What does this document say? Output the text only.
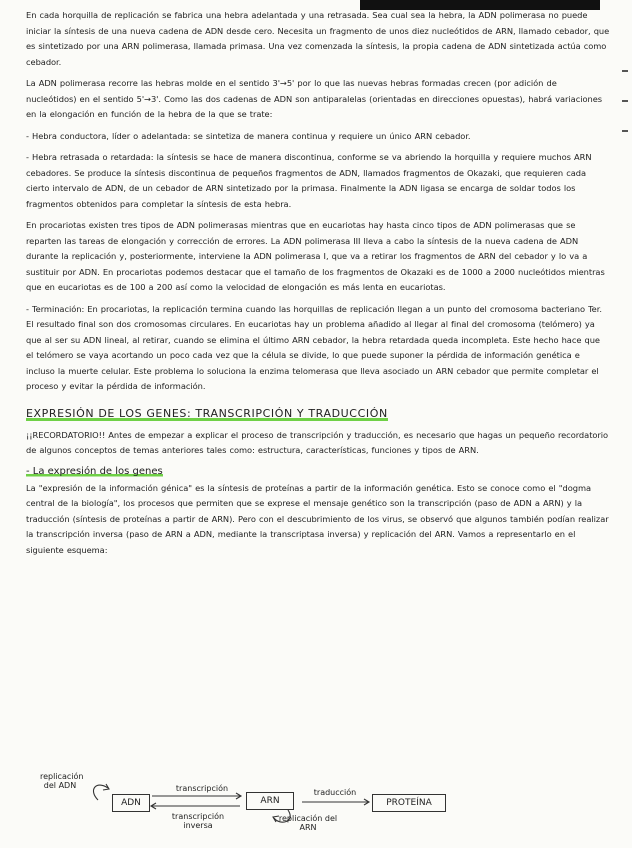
En cada horquilla de replicación se fabrica una hebra adelantada y una retrasada. Sea cual sea la hebra, la ADN polimerasa no puede iniciar la síntesis de una nueva cadena de ADN desde cero. Necesita un fragmento de unos diez nucleótidos de ARN, llamado cebador, que es sintetizado por una ARN polimerasa, llamada primasa. Una vez comenzada la síntesis, la propia cadena de ADN sintetizada actúa como cebador.

La ADN polimerasa recorre las hebras molde en el sentido 3'→5' por lo que las nuevas hebras formadas crecen (por adición de nucleótidos) en el sentido 5'→3'. Como las dos cadenas de ADN son antiparalelas (orientadas en direcciones opuestas), habrá variaciones en la elongación en función de la hebra de la que se trate:

- Hebra conductora, líder o adelantada: se sintetiza de manera continua y requiere un único ARN cebador.

- Hebra retrasada o retardada: la síntesis se hace de manera discontinua, conforme se va abriendo la horquilla y requiere muchos ARN cebadores. Se produce la síntesis discontinua de pequeños fragmentos de ADN, llamados fragmentos de Okazaki, que requieren cada cierto intervalo de ADN, de un cebador de ARN sintetizado por la primasa. Finalmente la ADN ligasa se encarga de soldar todos los fragmentos obtenidos para completar la síntesis de esta hebra.

En procariotas existen tres tipos de ADN polimerasas mientras que en eucariotas hay hasta cinco tipos de ADN polimerasas que se reparten las tareas de elongación y corrección de errores. La ADN polimerasa III lleva a cabo la síntesis de la nueva cadena de ADN durante la replicación y, posteriormente, interviene la ADN polimerasa I, que va a retirar los fragmentos de ARN del cebador y lo va a sustituir por ADN. En procariotas podemos destacar que el tamaño de los fragmentos de Okazaki es de 1000 a 2000 nucleótidos mientras que en eucariotas es de 100 a 200 así como la velocidad de elongación es más lenta en eucariotas.

- Terminación: En procariotas, la replicación termina cuando las horquillas de replicación llegan a un punto del cromosoma bacteriano Ter. El resultado final son dos cromosomas circulares. En eucariotas hay un problema añadido al llegar al final del cromosoma (telómero) ya que al ser su ADN lineal, al retirar, cuando se elimina el último ARN cebador, la hebra retardada queda incompleta. Este hecho hace que el telómero se vaya acortando un poco cada vez que la célula se divide, lo que puede suponer la pérdida de información genética e incluso la muerte celular. Este problema lo soluciona la enzima telomerasa que lleva asociado un ARN cebador que permite completar el proceso y evitar la pérdida de información.

EXPRESIÓN DE LOS GENES: TRANSCRIPCIÓN Y TRADUCCIÓN

¡¡RECORDATORIO!! Antes de empezar a explicar el proceso de transcripción y traducción, es necesario que hagas un pequeño recordatorio de algunos conceptos de temas anteriores tales como: estructura, características, funciones y tipos de ARN.

- La expresión de los genes

La "expresión de la información génica" es la síntesis de proteínas a partir de la información genética. Esto se conoce como el "dogma central de la biología", los procesos que permiten que se exprese el mensaje genético son la transcripción (paso de ADN a ARN) y la traducción (síntesis de proteínas a partir de ARN). Pero con el descubrimiento de los virus, se observó que algunos también podían realizar la transcripción inversa (paso de ARN a ADN, mediante la transcriptasa inversa) y replicación del ARN. Vamos a representarlo en el siguiente esquema:

replicación del ADN
ADN
transcripción
transcripción inversa
ARN
replicación del ARN
traducción
PROTEÍNA
